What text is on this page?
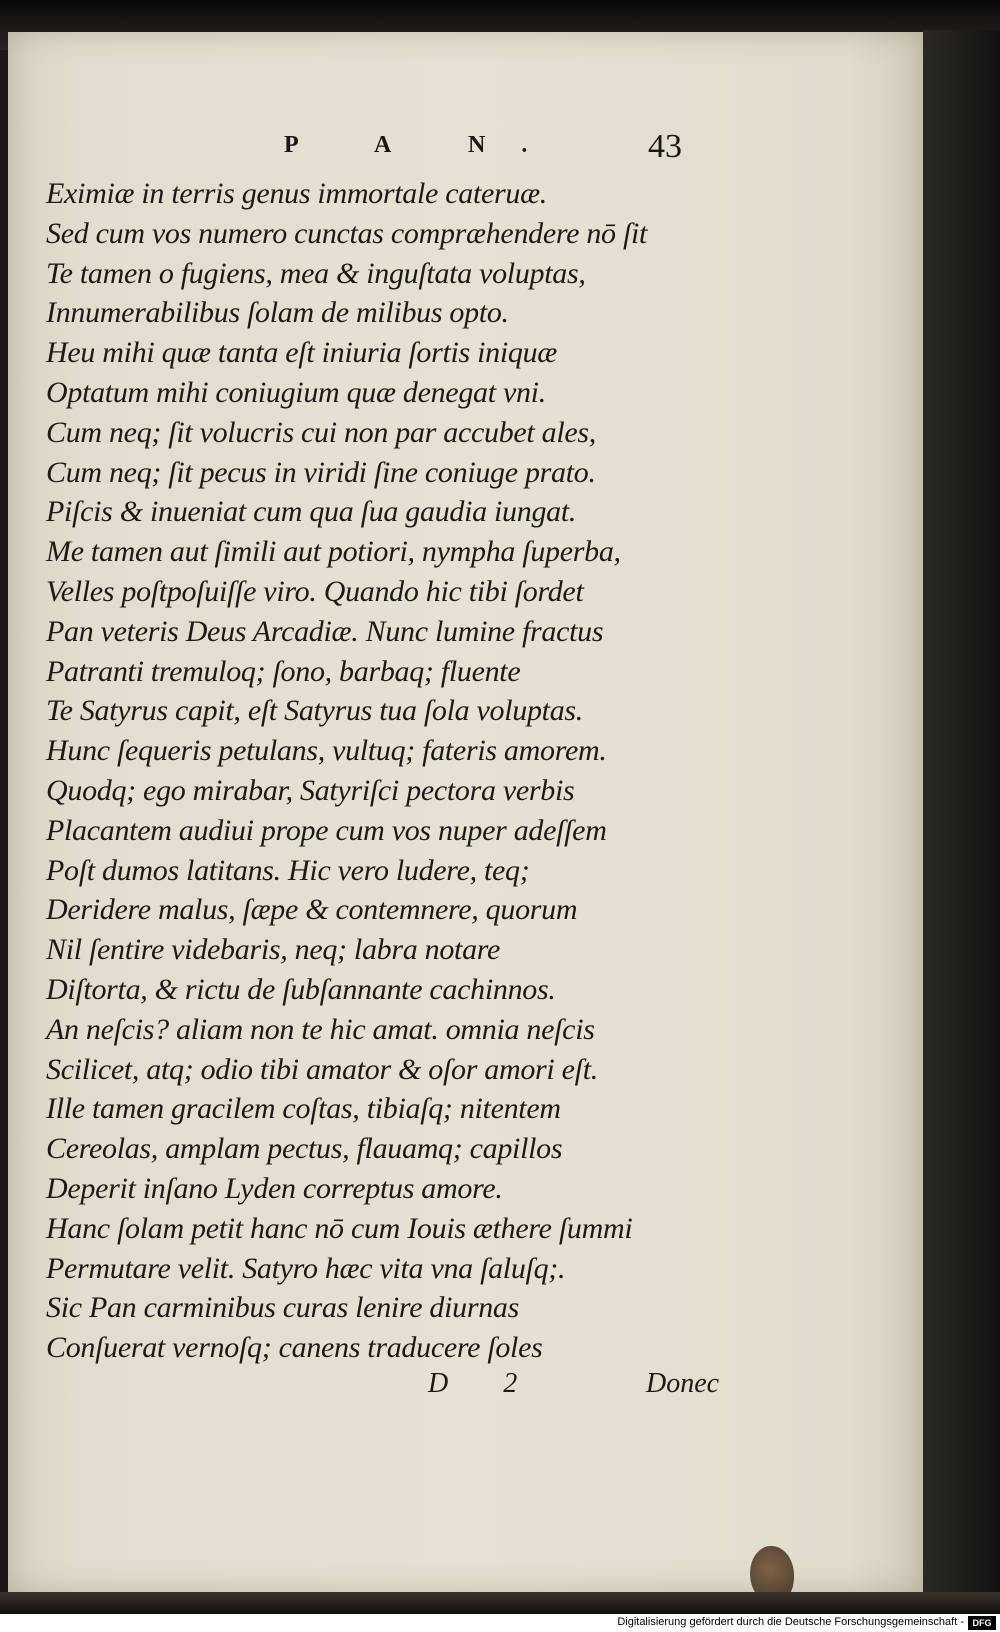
P A N. 43
Eximiæ in terris genus immortale cateruæ.
Sed cum vos numero cunctas compræhendere nō ſit
Te tamen o fugiens, mea & inguſtata voluptas,
Innumerabilibus ſolam de milibus opto.
Heu mihi quæ tanta eſt iniuria ſortis iniquæ
Optatum mihi coniugium quæ denegat vni.
Cum neq; ſit volucris cui non par accubet ales,
Cum neq; ſit pecus in viridi ſine coniuge prato.
Piſcis & inueniat cum qua ſua gaudia iungat.
Me tamen aut ſimili aut potiori, nympha ſuperba,
Velles poſtpoſuiſſe viro. Quando hic tibi ſordet
Pan veteris Deus Arcadiæ. Nunc lumine fractus
Patranti tremuloq; ſono, barbaq; fluente
Te Satyrus capit, eſt Satyrus tua ſola voluptas.
Hunc ſequeris petulans, vultuq; fateris amorem.
Quodq; ego mirabar, Satyriſci pectora verbis
Placantem audiui prope cum vos nuper adeſſem
Poſt dumos latitans. Hic vero ludere, teq;
Deridere malus, ſæpe & contemnere, quorum
Nil ſentire videbaris, neq; labra notare
Diſtorta, & rictu de ſubſannante cachinnos.
An neſcis? aliam non te hic amat. omnia neſcis
Scilicet, atq; odio tibi amator & oſor amori eſt.
Ille tamen gracilem coſtas, tibiaſq; nitentem
Cereolas, amplam pectus, flauamq; capillos
Deperit inſano Lyden correptus amore.
Hanc ſolam petit hanc nō cum Iouis æthere ſummi
Permutare velit. Satyro hæc vita vna ſaluſq;.
Sic Pan carminibus curas lenire diurnas
Conſuerat vernoſq; canens traducere ſoles
D 2	Donec
Digitalisierung gefördert durch die Deutsche Forschungsgemeinschaft - DFG
